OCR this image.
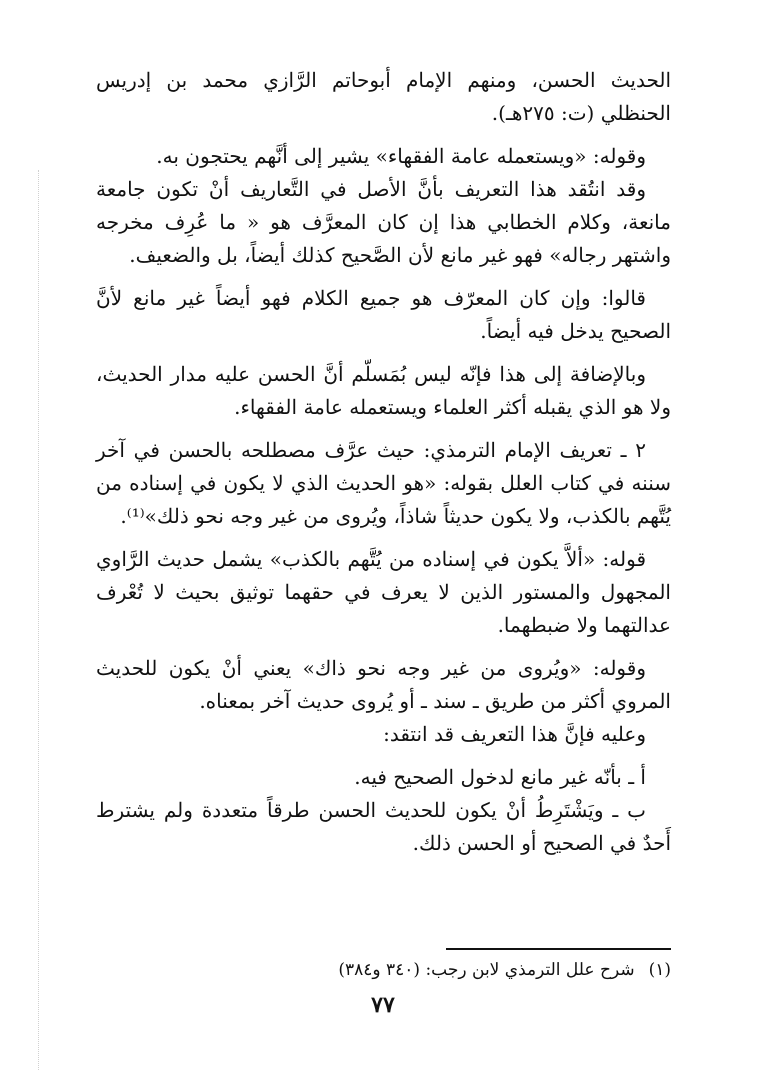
الحديث الحسن، ومنهم الإمام أبوحاتم الرَّازي محمد بن إدريس الحنظلي (ت: ٢٧٥هـ).

وقوله: «ويستعمله عامة الفقهاء» يشير إلى أنَّهم يحتجون به.

وقد انتُقد هذا التعريف بأنَّ الأصل في التَّعاريف أنْ تكون جامعة مانعة، وكلام الخطابي هذا إن كان المعرَّف هو « ما عُرِف مخرجه واشتهر رجاله» فهو غير مانع لأن الصَّحيح كذلك أيضاً، بل والضعيف.

قالوا: وإن كان المعرّف هو جميع الكلام فهو أيضاً غير مانع لأنَّ الصحيح يدخل فيه أيضاً.

وبالإضافة إلى هذا فإنّه ليس بُمَسلّم أنَّ الحسن عليه مدار الحديث، ولا هو الذي يقبله أكثر العلماء ويستعمله عامة الفقهاء.

٢ ـ تعريف الإمام الترمذي: حيث عرَّف مصطلحه بالحسن في آخر سننه في كتاب العلل بقوله: «هو الحديث الذي لا يكون في إسناده من يُتَّهم بالكذب، ولا يكون حديثاً شاذاً، ويُروى من غير وجه نحو ذلك»⁽¹⁾.

قوله: «ألاَّ يكون في إسناده من يُتَّهم بالكذب» يشمل حديث الرَّاوي المجهول والمستور الذين لا يعرف في حقهما توثيق بحيث لا تُعْرف عدالتهما ولا ضبطهما.

وقوله: «ويُروى من غير وجه نحو ذاك» يعني أنْ يكون للحديث المروي أكثر من طريق ـ سند ـ أو يُروى حديث آخر بمعناه.

وعليه فإنَّ هذا التعريف قد انتقد:

أ ـ بأنّه غير مانع لدخول الصحيح فيه.

ب ـ ويَشْتَرِطُ أنْ يكون للحديث الحسن طرقاً متعددة ولم يشترط أَحدٌ في الصحيح أو الحسن ذلك.

(١)شرح علل الترمذي لابن رجب: (٣٤٠ و٣٨٤)
٧٧
